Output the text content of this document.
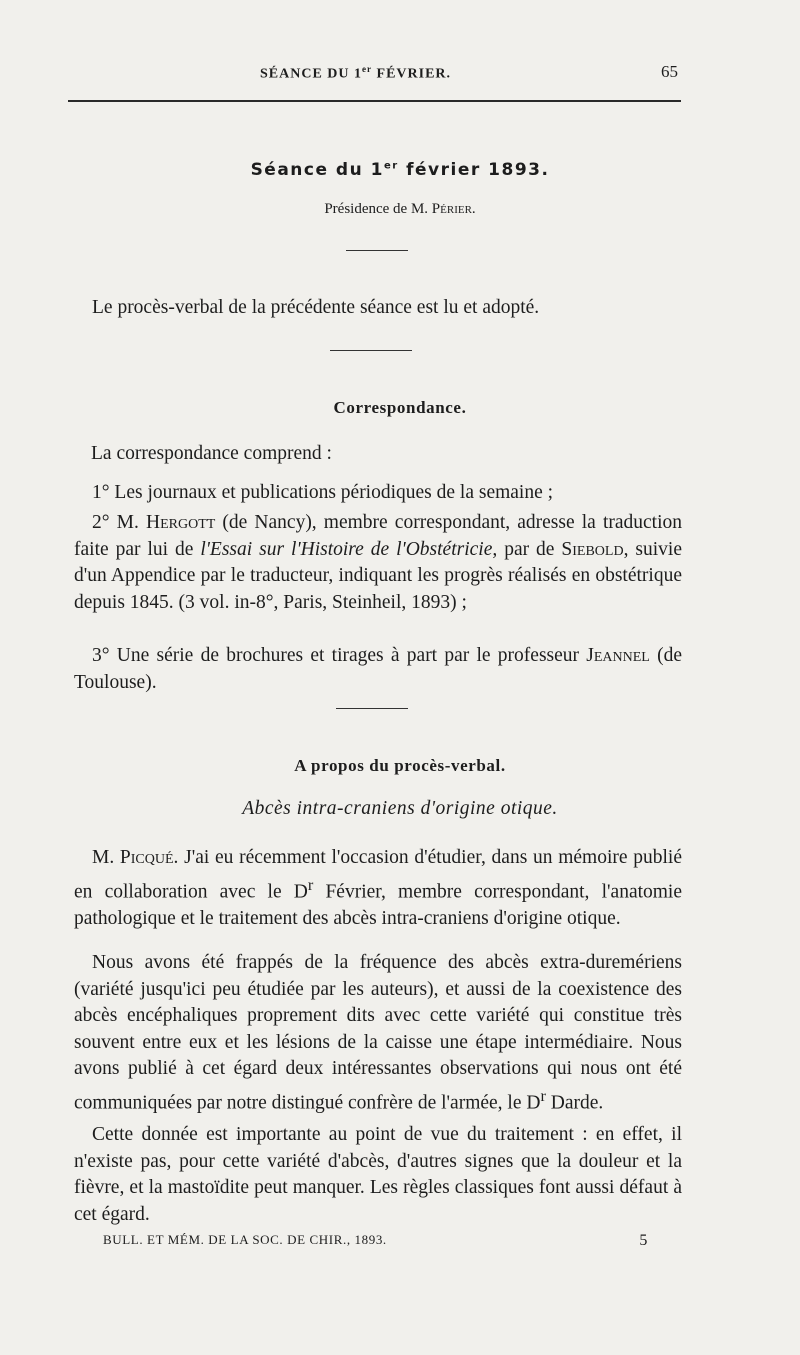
SÉANCE DU 1er FÉVRIER.	65
Séance du 1er février 1893.
Présidence de M. Périer.

Le procès-verbal de la précédente séance est lu et adopté.

Correspondance.

La correspondance comprend :

1° Les journaux et publications périodiques de la semaine ;

2° M. Hergott (de Nancy), membre correspondant, adresse la traduction faite par lui de l'Essai sur l'Histoire de l'Obstétricie, par de Siebold, suivie d'un Appendice par le traducteur, indiquant les progrès réalisés en obstétrique depuis 1845. (3 vol. in-8°, Paris, Steinheil, 1893) ;

3° Une série de brochures et tirages à part par le professeur Jeannel (de Toulouse).

A propos du procès-verbal.
Abcès intra-craniens d'origine otique.

M. Picqué. J'ai eu récemment l'occasion d'étudier, dans un mémoire publié en collaboration avec le $D^r$ Février, membre correspondant, l'anatomie pathologique et le traitement des abcès intra-craniens d'origine otique.

Nous avons été frappés de la fréquence des abcès extra-duremériens (variété jusqu'ici peu étudiée par les auteurs), et aussi de la coexistence des abcès encéphaliques proprement dits avec cette variété qui constitue très souvent entre eux et les lésions de la caisse une étape intermédiaire. Nous avons publié à cet égard deux intéressantes observations qui nous ont été communiquées par notre distingué confrère de l'armée, le $D^r$ Darde.

Cette donnée est importante au point de vue du traitement : en effet, il n'existe pas, pour cette variété d'abcès, d'autres signes que la douleur et la fièvre, et la mastoïdite peut manquer. Les règles classiques font aussi défaut à cet égard.

BULL. ET MÉM. DE LA SOC. DE CHIR., 1893.	5
